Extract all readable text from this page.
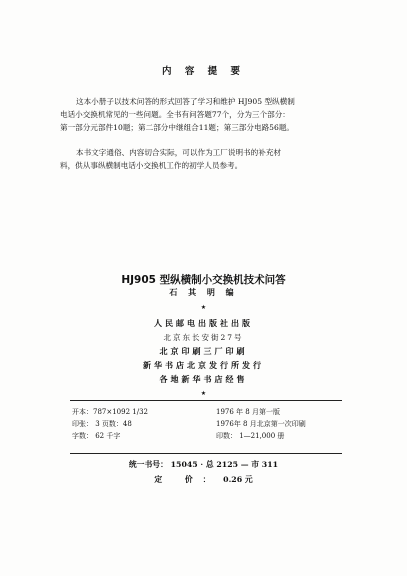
内 容 提 要

这本小册子以技术问答的形式回答了学习和维护 HJ905 型纵横制
电话小交换机常见的一些问题。全书有问答题77个，分为三个部分：
第一部分元部件10题；第二部分中继组合11题；第三部分电路56题。

本书文字通俗、内容切合实际，可以作为工厂说明书的补充材
料，供从事纵横制电话小交换机工作的初学人员参考。

HJ905 型纵横制小交换机技术问答
石 其 明 编
★
人民邮电出版社出版
北京东长安街27号
北京印刷三厂印刷
新华书店北京发行所发行
各地新华书店经售
★
开本：787×1092 1/32	1976 年 8 月第一版
印张： 3 页数：48	1976年 8 月北京第一次印刷
字数： 62 千字	印数： 1—21,000 册
统一书号： 15045 · 总 2125 — 市 311
定 价： 0.26 元
